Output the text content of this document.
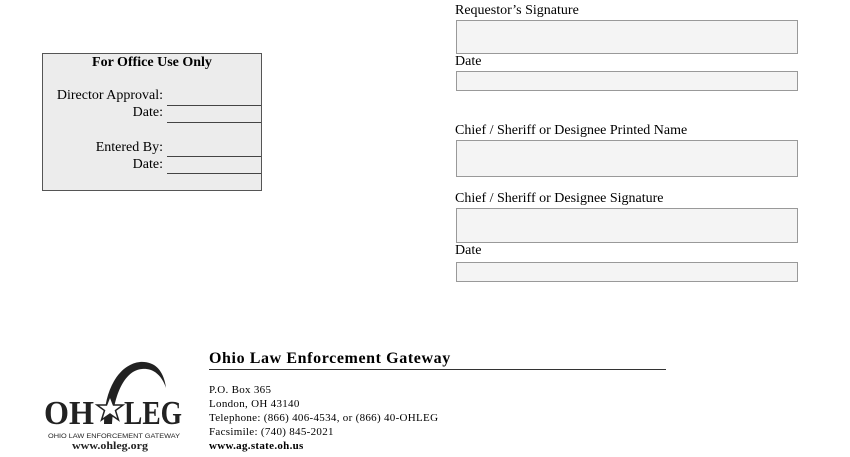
For Office Use Only
Director Approval:
Date:
Entered By:
Date:
Requestor’s Signature
Date
Chief / Sheriff or Designee Printed Name
Chief / Sheriff or Designee Signature
Date
OH LEG
OHIO LAW ENFORCEMENT GATEWAY
www.ohleg.org
Ohio Law Enforcement Gateway
P.O. Box 365
London, OH 43140
Telephone: (866) 406-4534, or (866) 40-OHLEG
Facsimile: (740) 845-2021
www.ag.state.oh.us
